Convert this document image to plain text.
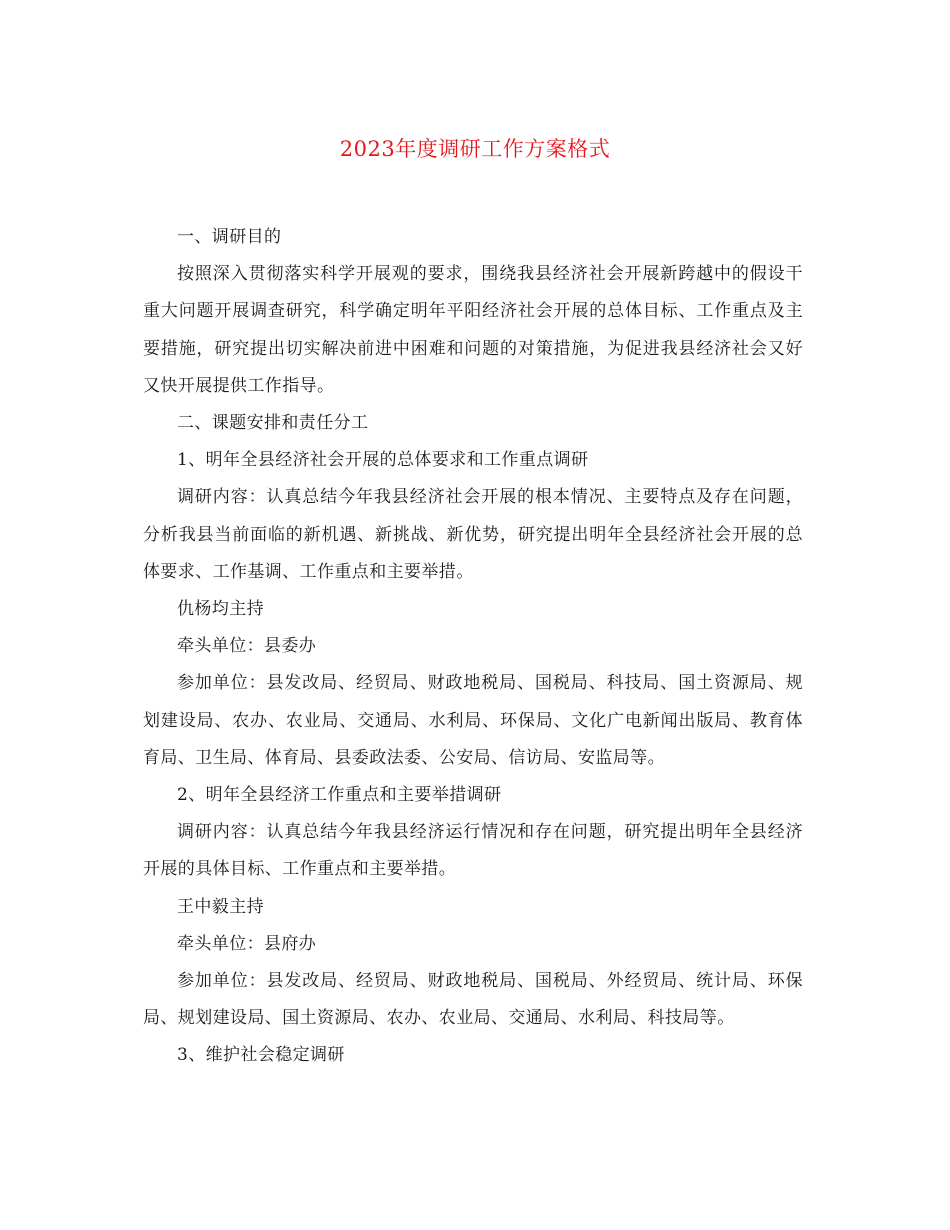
2023年度调研工作方案格式

一、调研目的

按照深入贯彻落实科学开展观的要求，围绕我县经济社会开展新跨越中的假设干重大问题开展调查研究，科学确定明年平阳经济社会开展的总体目标、工作重点及主要措施，研究提出切实解决前进中困难和问题的对策措施，为促进我县经济社会又好又快开展提供工作指导。

二、课题安排和责任分工

1、明年全县经济社会开展的总体要求和工作重点调研

调研内容：认真总结今年我县经济社会开展的根本情况、主要特点及存在问题，分析我县当前面临的新机遇、新挑战、新优势，研究提出明年全县经济社会开展的总体要求、工作基调、工作重点和主要举措。

仇杨均主持

牵头单位：县委办

参加单位：县发改局、经贸局、财政地税局、国税局、科技局、国土资源局、规划建设局、农办、农业局、交通局、水利局、环保局、文化广电新闻出版局、教育体育局、卫生局、体育局、县委政法委、公安局、信访局、安监局等。

2、明年全县经济工作重点和主要举措调研

调研内容：认真总结今年我县经济运行情况和存在问题，研究提出明年全县经济开展的具体目标、工作重点和主要举措。

王中毅主持

牵头单位：县府办

参加单位：县发改局、经贸局、财政地税局、国税局、外经贸局、统计局、环保局、规划建设局、国土资源局、农办、农业局、交通局、水利局、科技局等。

3、维护社会稳定调研
